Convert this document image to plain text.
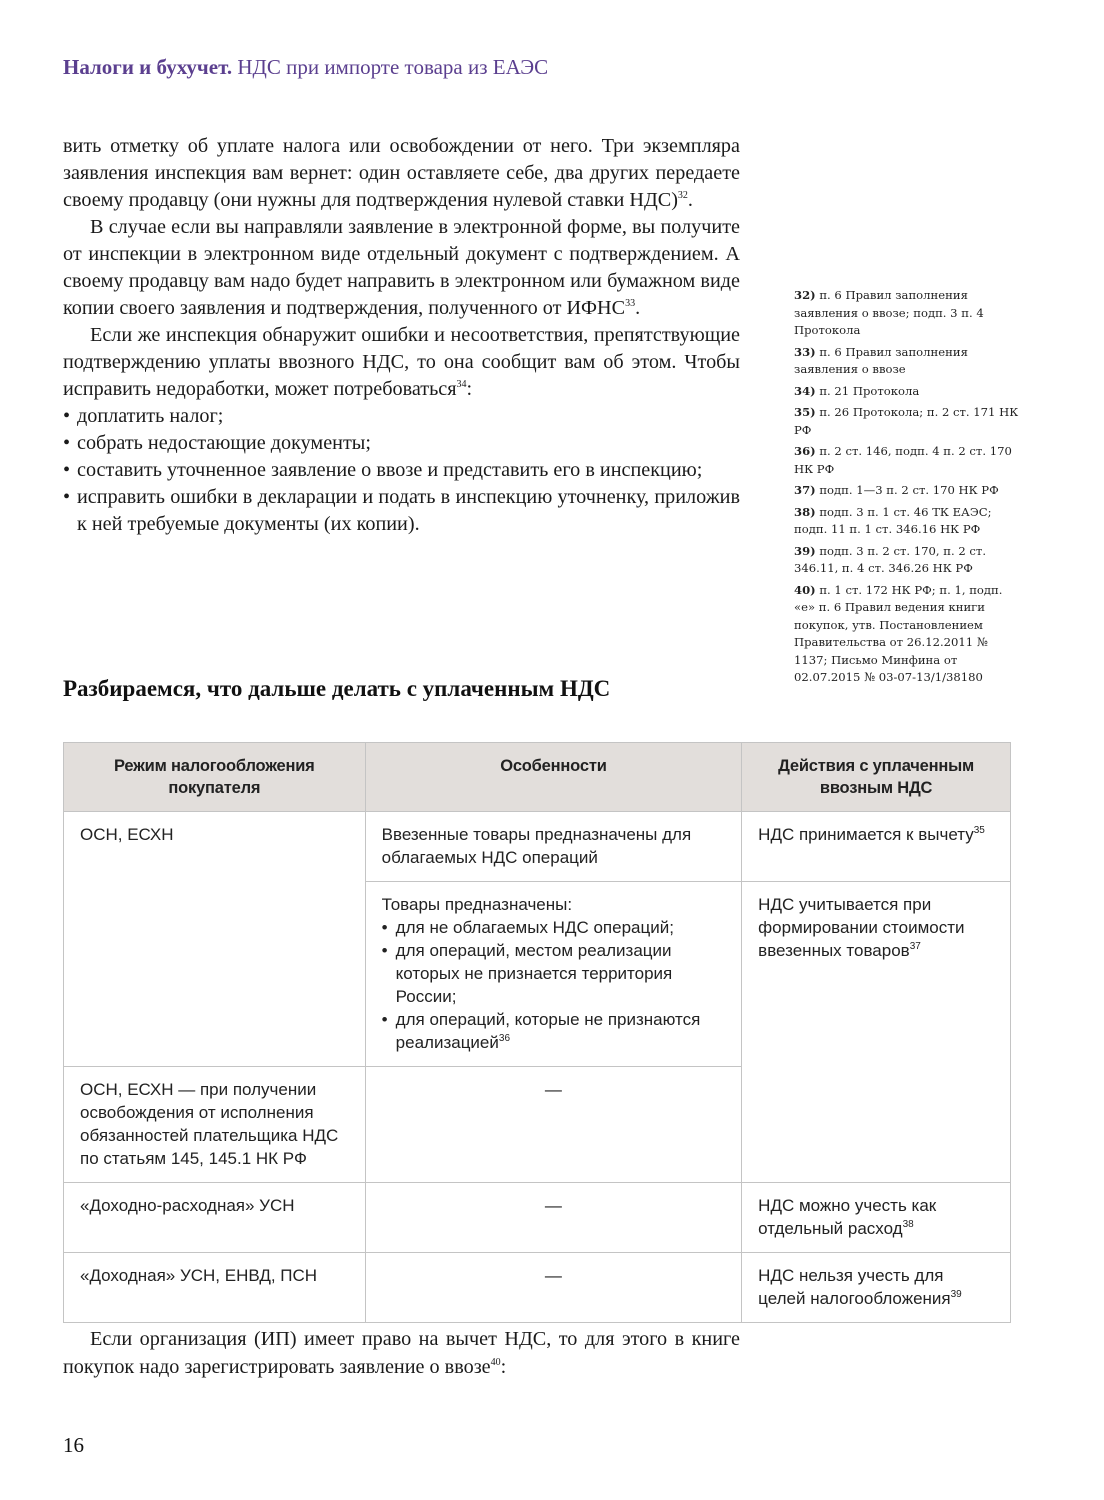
Налоги и бухучет. НДС при импорте товара из ЕАЭС

вить отметку об уплате налога или освобождении от него. Три экземпляра заявления инспекция вам вернет: один оставляете себе, два других передаете своему продавцу (они нужны для подтверждения нулевой ставки НДС)$^{32}$.

В случае если вы направляли заявление в электронной форме, вы получите от инспекции в электронном виде отдельный документ с подтверждением. А своему продавцу вам надо будет направить в электронном или бумажном виде копии своего заявления и подтверждения, полученного от ИФНС$^{33}$.

Если же инспекция обнаружит ошибки и несоответствия, препятствующие подтверждению уплаты ввозного НДС, то она сообщит вам об этом. Чтобы исправить недоработки, может потребоваться$^{34}$:

• доплатить налог;
• собрать недостающие документы;
• составить уточненное заявление о ввозе и представить его в инспекцию;
• исправить ошибки в декларации и подать в инспекцию уточненку, приложив к ней требуемые документы (их копии).
32) п. 6 Правил заполнения заявления о ввозе; подп. 3 п. 4 Протокола
33) п. 6 Правил заполнения заявления о ввозе
34) п. 21 Протокола
35) п. 26 Протокола; п. 2 ст. 171 НК РФ
36) п. 2 ст. 146, подп. 4 п. 2 ст. 170 НК РФ
37) подп. 1—3 п. 2 ст. 170 НК РФ
38) подп. 3 п. 1 ст. 46 ТК ЕАЭС; подп. 11 п. 1 ст. 346.16 НК РФ
39) подп. 3 п. 2 ст. 170, п. 2 ст. 346.11, п. 4 ст. 346.26 НК РФ
40) п. 1 ст. 172 НК РФ; п. 1, подп. «е» п. 6 Правил ведения книги покупок, утв. Постановлением Правительства от 26.12.2011 № 1137; Письмо Минфина от 02.07.2015 № 03-07-13/1/38180
Разбираемся, что дальше делать с уплаченным НДС
Режим налогообложения покупателя	Особенности	Действия с уплаченным ввозным НДС
ОСН, ЕСХН	Ввезенные товары предназначены для облагаемых НДС операций	НДС принимается к вычету$^{35}$

Товары предназначены:
• для не облагаемых НДС операций;
• для операций, местом реализации которых не признается территория России;
• для операций, которые не признаются реализацией$^{36}$
	НДС учитывается при формировании стоимости ввезенных товаров$^{37}$
ОСН, ЕСХН — при получении освобождения от исполнения обязанностей плательщика НДС по статьям 145, 145.1 НК РФ	—	
«Доходно-расходная» УСН	—	НДС можно учесть как отдельный расход$^{38}$
«Доходная» УСН, ЕНВД, ПСН	—	НДС нельзя учесть для целей налогообложения$^{39}$

Если организация (ИП) имеет право на вычет НДС, то для этого в книге покупок надо зарегистрировать заявление о ввозе$^{40}$:

16
